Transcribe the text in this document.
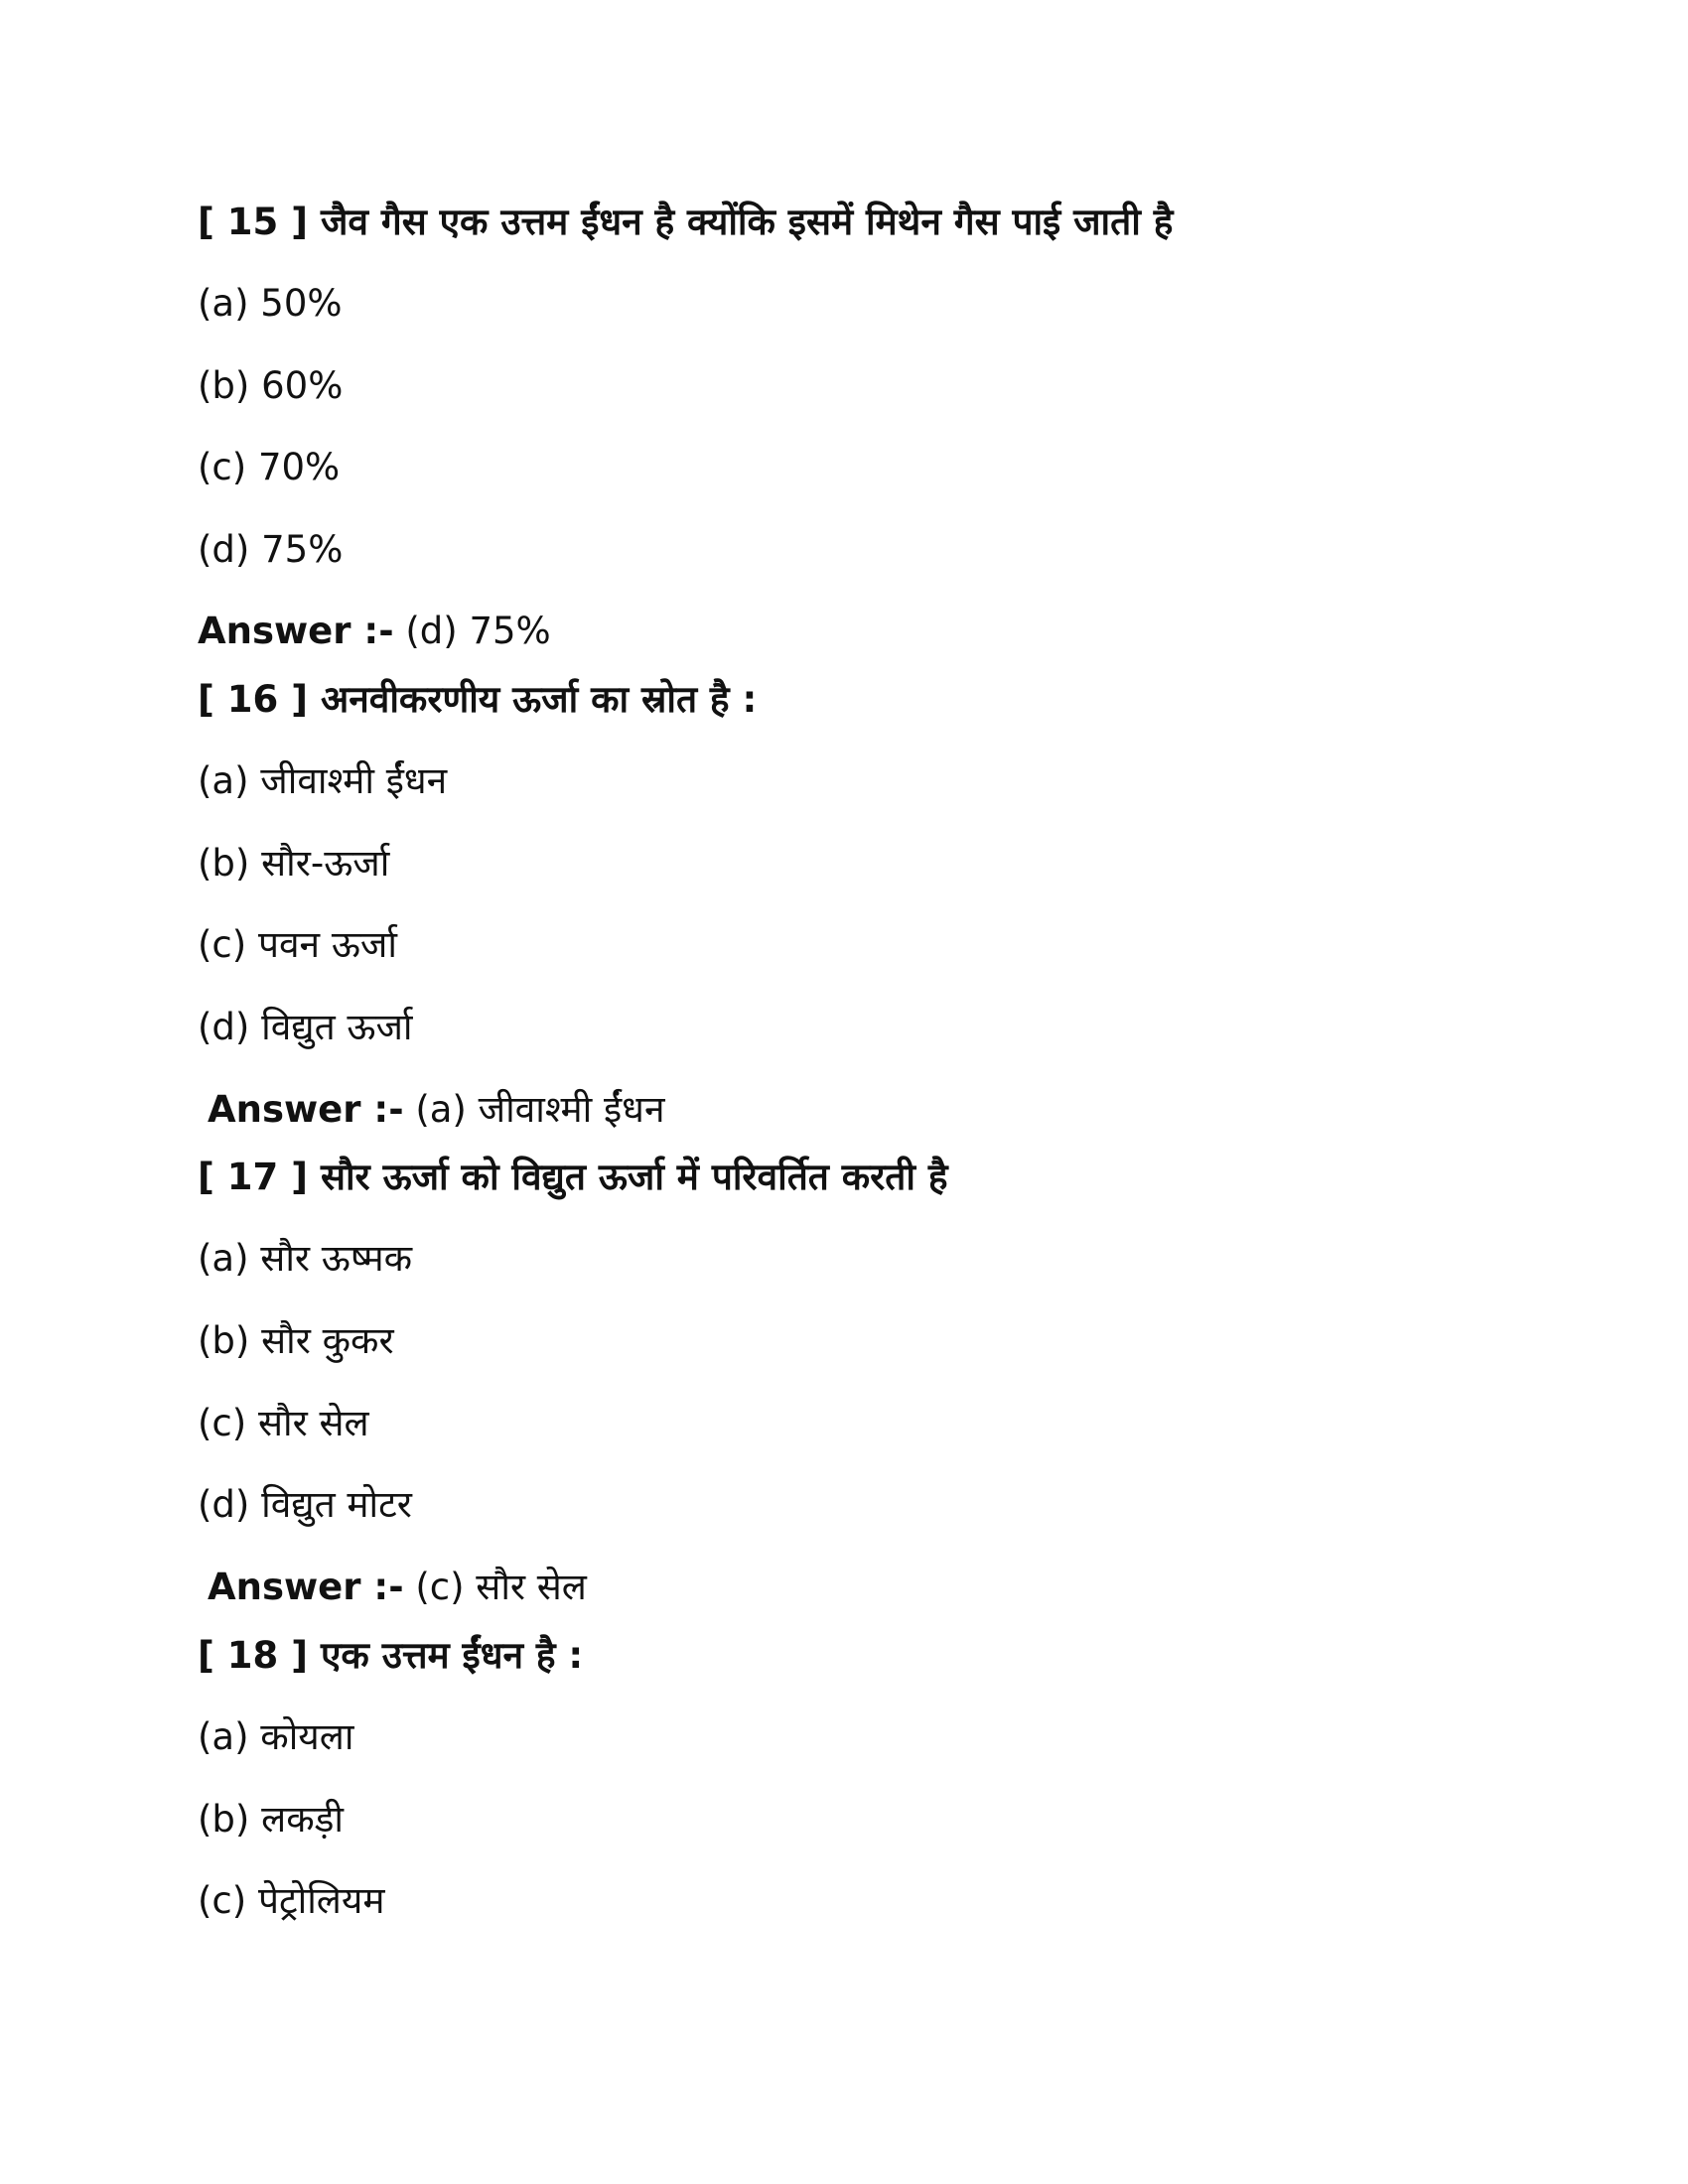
[ 15 ] जैव गैस एक उत्तम ईंधन है क्योंकि इसमें मिथेन गैस पाई जाती है
(a) 50%
(b) 60%
(c) 70%
(d) 75%
Answer :- (d) 75%
[ 16 ] अनवीकरणीय ऊर्जा का स्रोत है :
(a) जीवाश्मी ईंधन
(b) सौर-ऊर्जा
(c) पवन ऊर्जा
(d) विद्युत ऊर्जा
Answer :- (a) जीवाश्मी ईंधन
[ 17 ] सौर ऊर्जा को विद्युत ऊर्जा में परिवर्तित करती है
(a) सौर ऊष्मक
(b) सौर कुकर
(c) सौर सेल
(d) विद्युत मोटर
Answer :- (c) सौर सेल
[ 18 ] एक उत्तम ईंधन है :
(a) कोयला
(b) लकड़ी
(c) पेट्रोलियम
